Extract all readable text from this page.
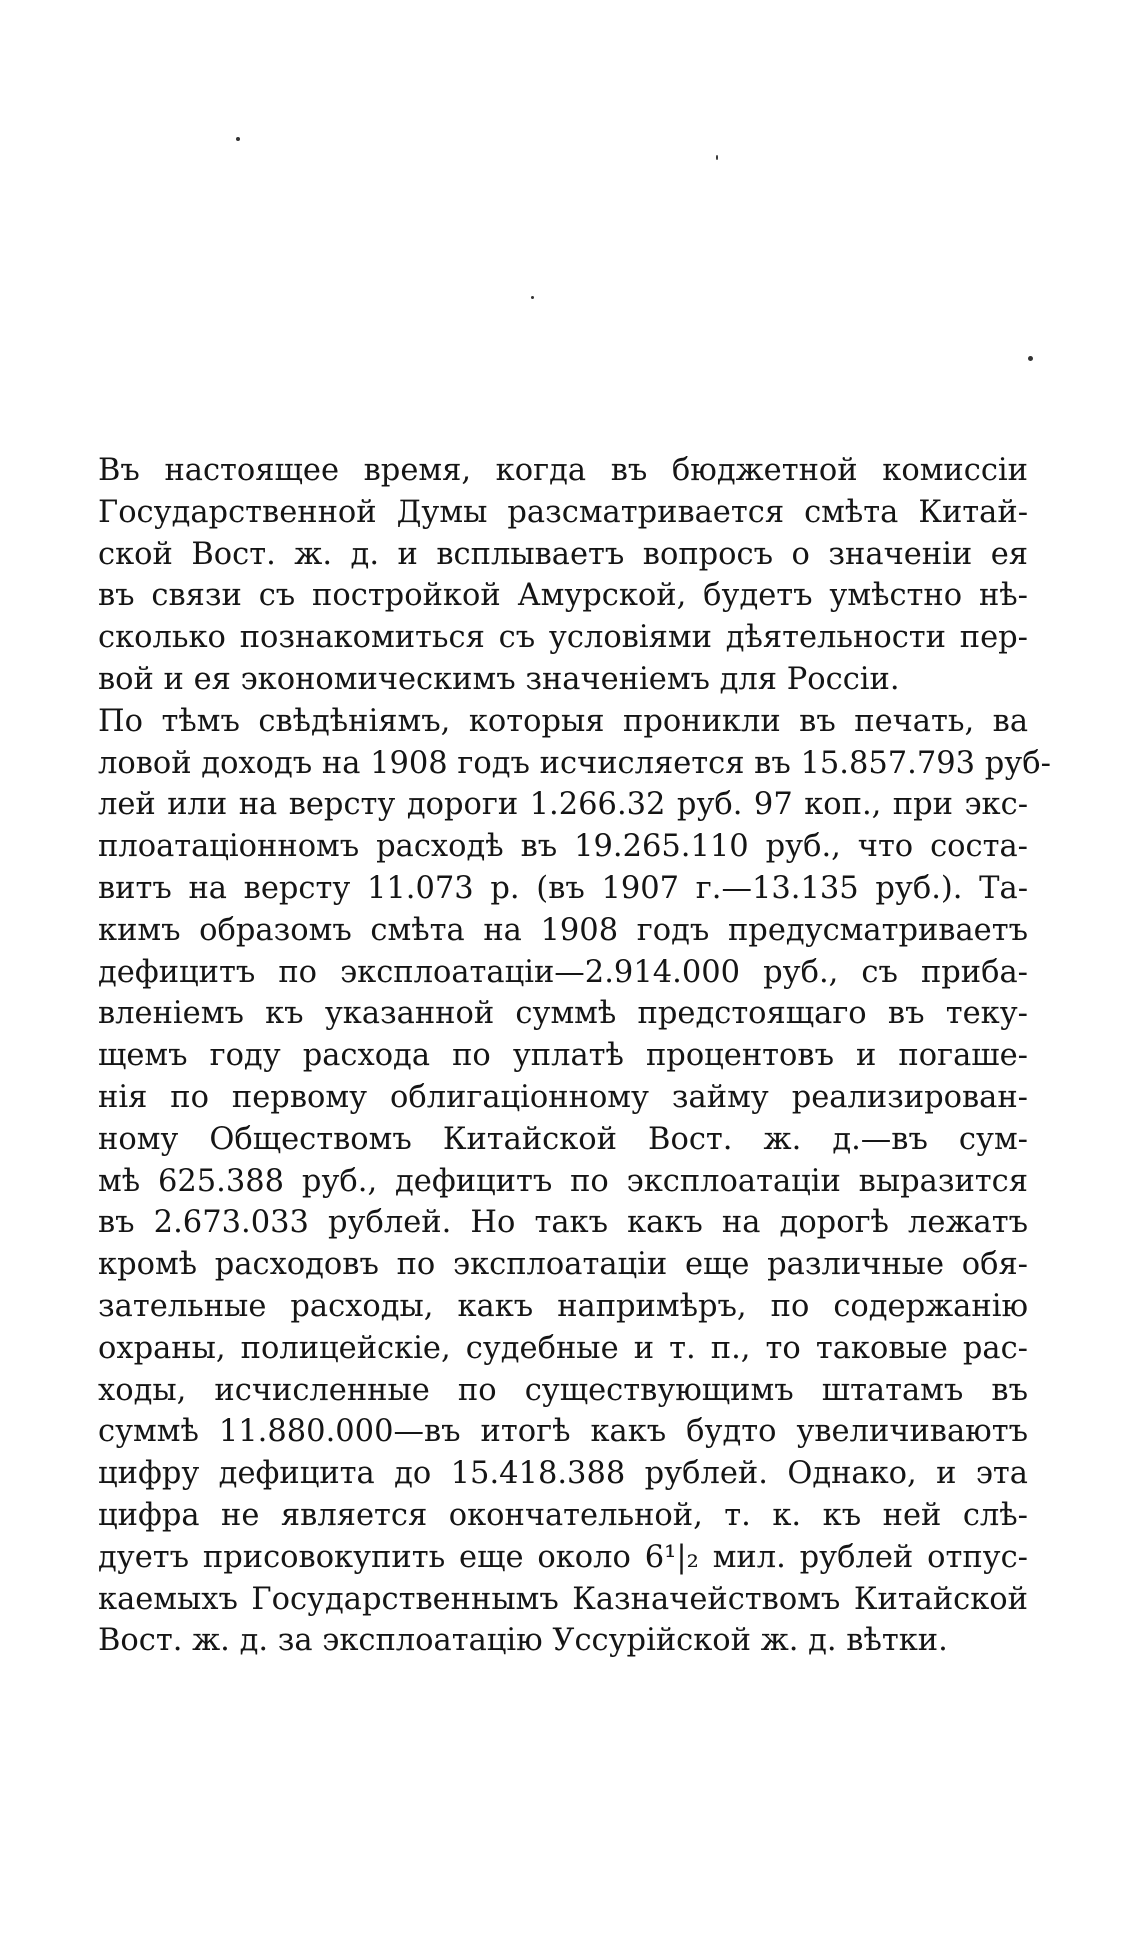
Въ настоящее время, когда въ бюджетной комиссіи
Государственной Думы разсматривается смѣта Китай-
ской Вост. ж. д. и всплываетъ вопросъ о значеніи ея
въ связи съ постройкой Амурской, будетъ умѣстно нѣ-
сколько познакомиться съ условіями дѣятельности пер-
вой и ея экономическимъ значеніемъ для Россіи.
По тѣмъ свѣдѣніямъ, которыя проникли въ печать, ва
ловой доходъ на 1908 годъ исчисляется въ 15.857.793 руб-
лей или на версту дороги 1.266.32 руб. 97 коп., при экс-
плоатаціонномъ расходѣ въ 19.265.110 руб., что соста-
витъ на версту 11.073 р. (въ 1907 г.—13.135 руб.). Та-
кимъ образомъ смѣта на 1908 годъ предусматриваетъ
дефицитъ по эксплоатаціи—2.914.000 руб., съ приба-
вленіемъ къ указанной суммѣ предстоящаго въ теку-
щемъ году расхода по уплатѣ процентовъ и погаше-
нія по первому облигаціонному займу реализирован-
ному Обществомъ Китайской Вост. ж. д.—въ сум-
мѣ 625.388 руб., дефицитъ по эксплоатаціи выразится
въ 2.673.033 рублей. Но такъ какъ на дорогѣ лежатъ
кромѣ расходовъ по эксплоатаціи еще различные обя-
зательные расходы, какъ напримѣръ, по содержанію
охраны, полицейскіе, судебные и т. п., то таковые рас-
ходы, исчисленные по существующимъ штатамъ въ
суммѣ 11.880.000—въ итогѣ какъ будто увеличиваютъ
цифру дефицита до 15.418.388 рублей. Однако, и эта
цифра не является окончательной, т. к. къ ней слѣ-
дуетъ присовокупить еще около 6¹|₂ мил. рублей отпус-
каемыхъ Государственнымъ Казначействомъ Китайской
Вост. ж. д. за эксплоатацію Уссурійской ж. д. вѣтки.
